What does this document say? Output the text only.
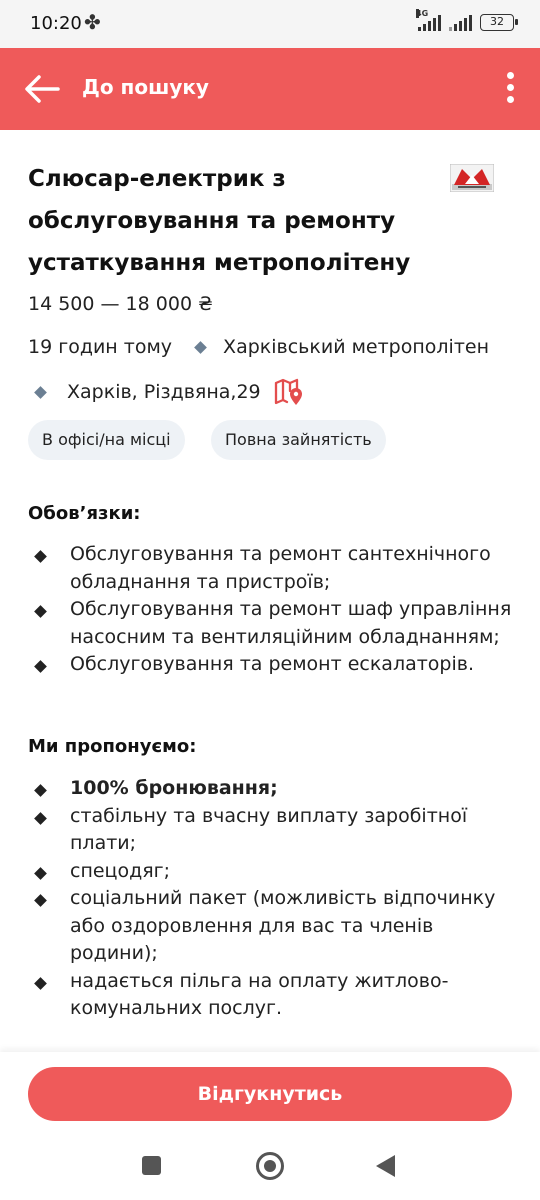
10:20 ✤	4G
32
До пошуку
Слюсар-електрик з обслуговування та ремонту устаткування метрополітену
14 500 — 18 000 ₴
19 годин тому	Харківський метрополітен
Харків, Різдвяна,29
В офісі/на місці	Повна зайнятість
Обов’язки:
Обслуговування та ремонт сантехнічного обладнання та пристроїв;
Обслуговування та ремонт шаф управління насосним та вентиляційним обладнанням;
Обслуговування та ремонт ескалаторів.
Ми пропонуємо:
100% бронювання;
стабільну та вчасну виплату заробітної плати;
спецодяг;
соціальний пакет (можливість відпочинку або оздоровлення для вас та членів родини);
надається пільга на оплату житлово-комунальних послуг.
Відгукнутись
